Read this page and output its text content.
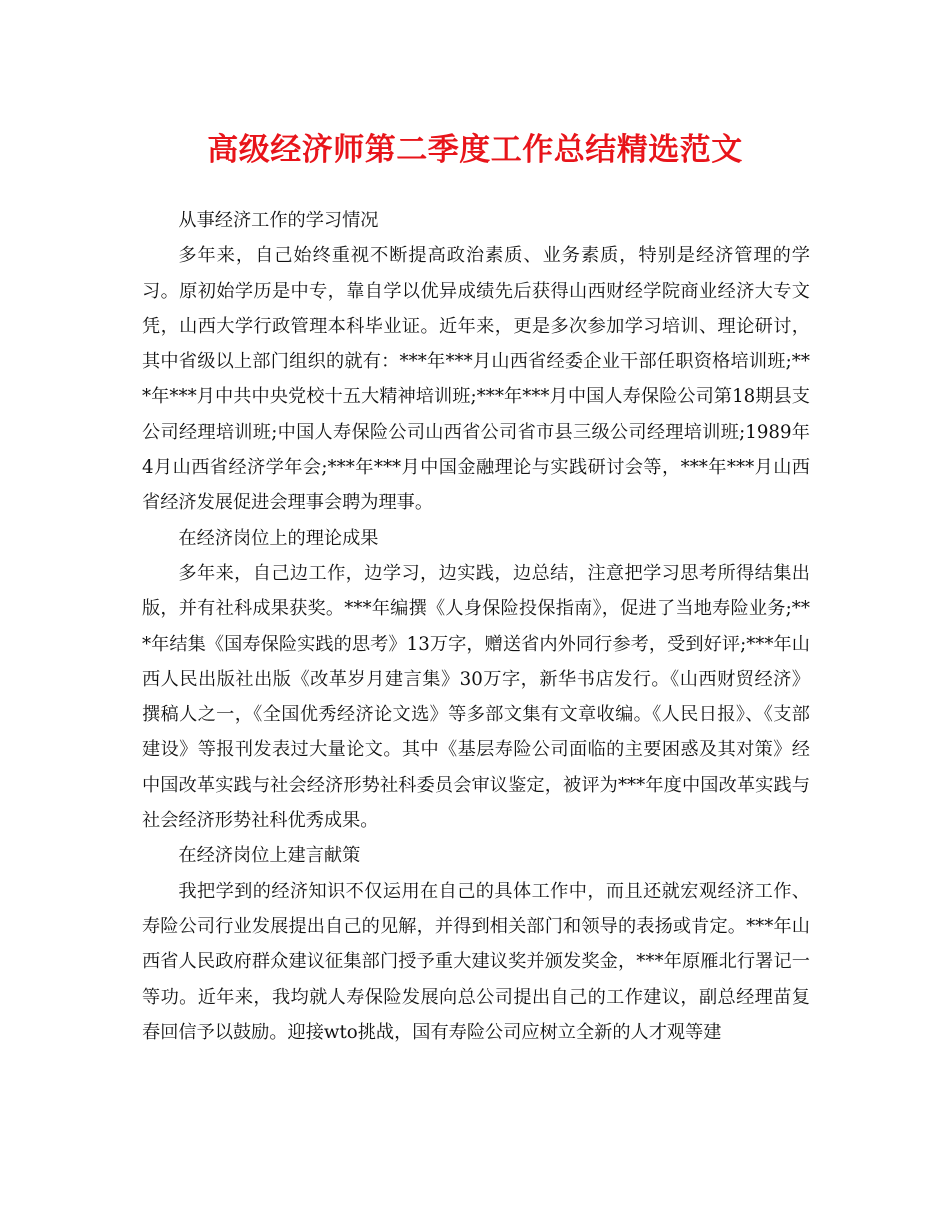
高级经济师第二季度工作总结精选范文

从事经济工作的学习情况

多年来，自己始终重视不断提高政治素质、业务素质，特别是经济管理的学习。原初始学历是中专，靠自学以优异成绩先后获得山西财经学院商业经济大专文凭，山西大学行政管理本科毕业证。近年来，更是多次参加学习培训、理论研讨，其中省级以上部门组织的就有：***年***月山西省经委企业干部任职资格培训班;***年***月中共中央党校十五大精神培训班;***年***月中国人寿保险公司第18期县支公司经理培训班;中国人寿保险公司山西省公司省市县三级公司经理培训班;1989年4月山西省经济学年会;***年***月中国金融理论与实践研讨会等，***年***月山西省经济发展促进会理事会聘为理事。

在经济岗位上的理论成果

多年来，自己边工作，边学习，边实践，边总结，注意把学习思考所得结集出版，并有社科成果获奖。***年编撰《人身保险投保指南》，促进了当地寿险业务;***年结集《国寿保险实践的思考》13万字，赠送省内外同行参考，受到好评;***年山西人民出版社出版《改革岁月建言集》30万字，新华书店发行。《山西财贸经济》撰稿人之一，《全国优秀经济论文选》等多部文集有文章收编。《人民日报》、《支部建设》等报刊发表过大量论文。其中《基层寿险公司面临的主要困惑及其对策》经中国改革实践与社会经济形势社科委员会审议鉴定，被评为***年度中国改革实践与社会经济形势社科优秀成果。

在经济岗位上建言献策

我把学到的经济知识不仅运用在自己的具体工作中，而且还就宏观经济工作、寿险公司行业发展提出自己的见解，并得到相关部门和领导的表扬或肯定。***年山西省人民政府群众建议征集部门授予重大建议奖并颁发奖金，***年原雁北行署记一等功。近年来，我均就人寿保险发展向总公司提出自己的工作建议，副总经理苗复春回信予以鼓励。迎接wto挑战，国有寿险公司应树立全新的人才观等建
